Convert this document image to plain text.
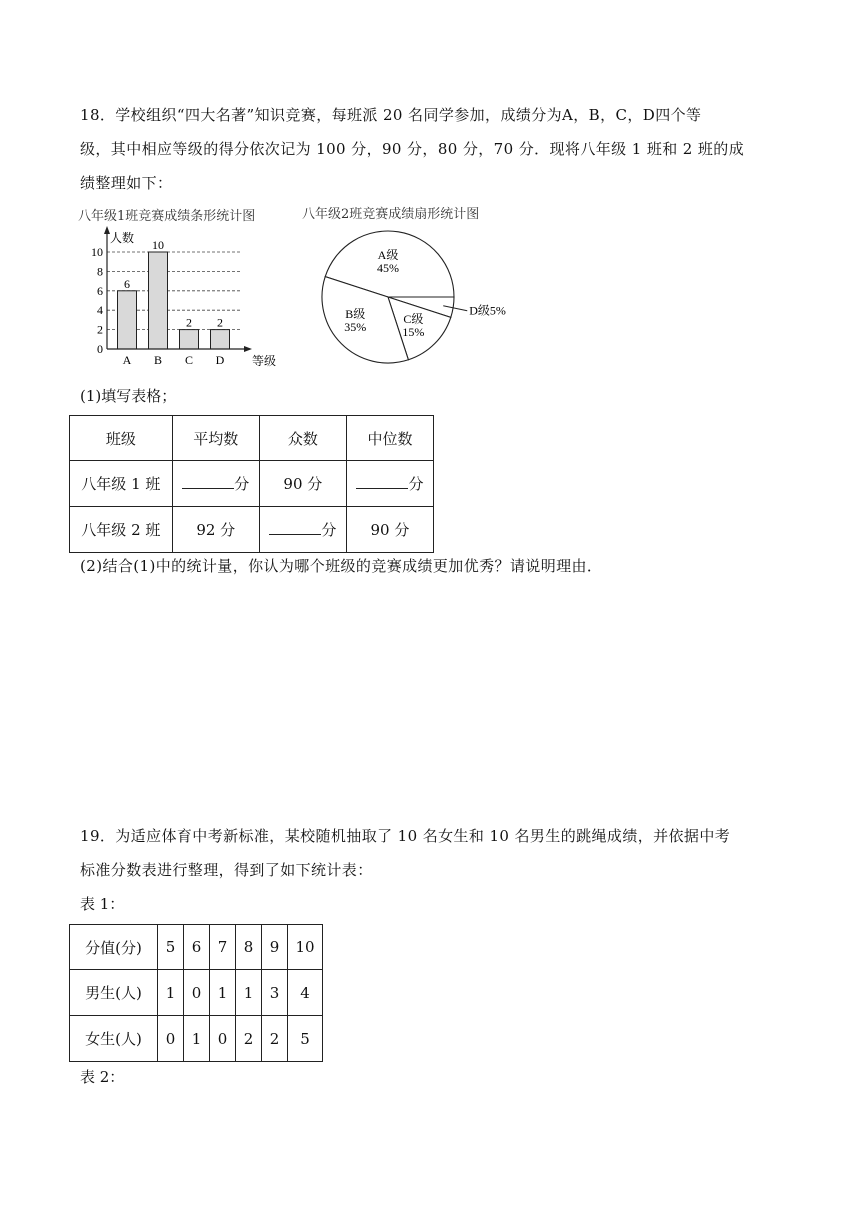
18．学校组织“四大名著”知识竞赛，每班派 20 名同学参加，成绩分为A，B，C，D四个等
级，其中相应等级的得分依次记为 100 分，90 分，80 分，70 分．现将八年级 1 班和 2 班的成
绩整理如下：
八年级1班竞赛成绩条形统计图
人数
等级
0
2
4
6
8
10
6
A
10
B
2
C
2
D
八年级2班竞赛成绩扇形统计图
A级
45%
D级5%
C级
15%
B级
35%
(1)填写表格；
班级	平均数	众数	中位数
八年级 1 班	分	90 分	分
八年级 2 班	92 分	分	90 分
(2)结合(1)中的统计量，你认为哪个班级的竞赛成绩更加优秀？请说明理由．
19．为适应体育中考新标准，某校随机抽取了 10 名女生和 10 名男生的跳绳成绩，并依据中考
标准分数表进行整理，得到了如下统计表：
表 1：
分值(分)	5	6	7	8	9	10
男生(人)	1	0	1	1	3	4
女生(人)	0	1	0	2	2	5
表 2：
